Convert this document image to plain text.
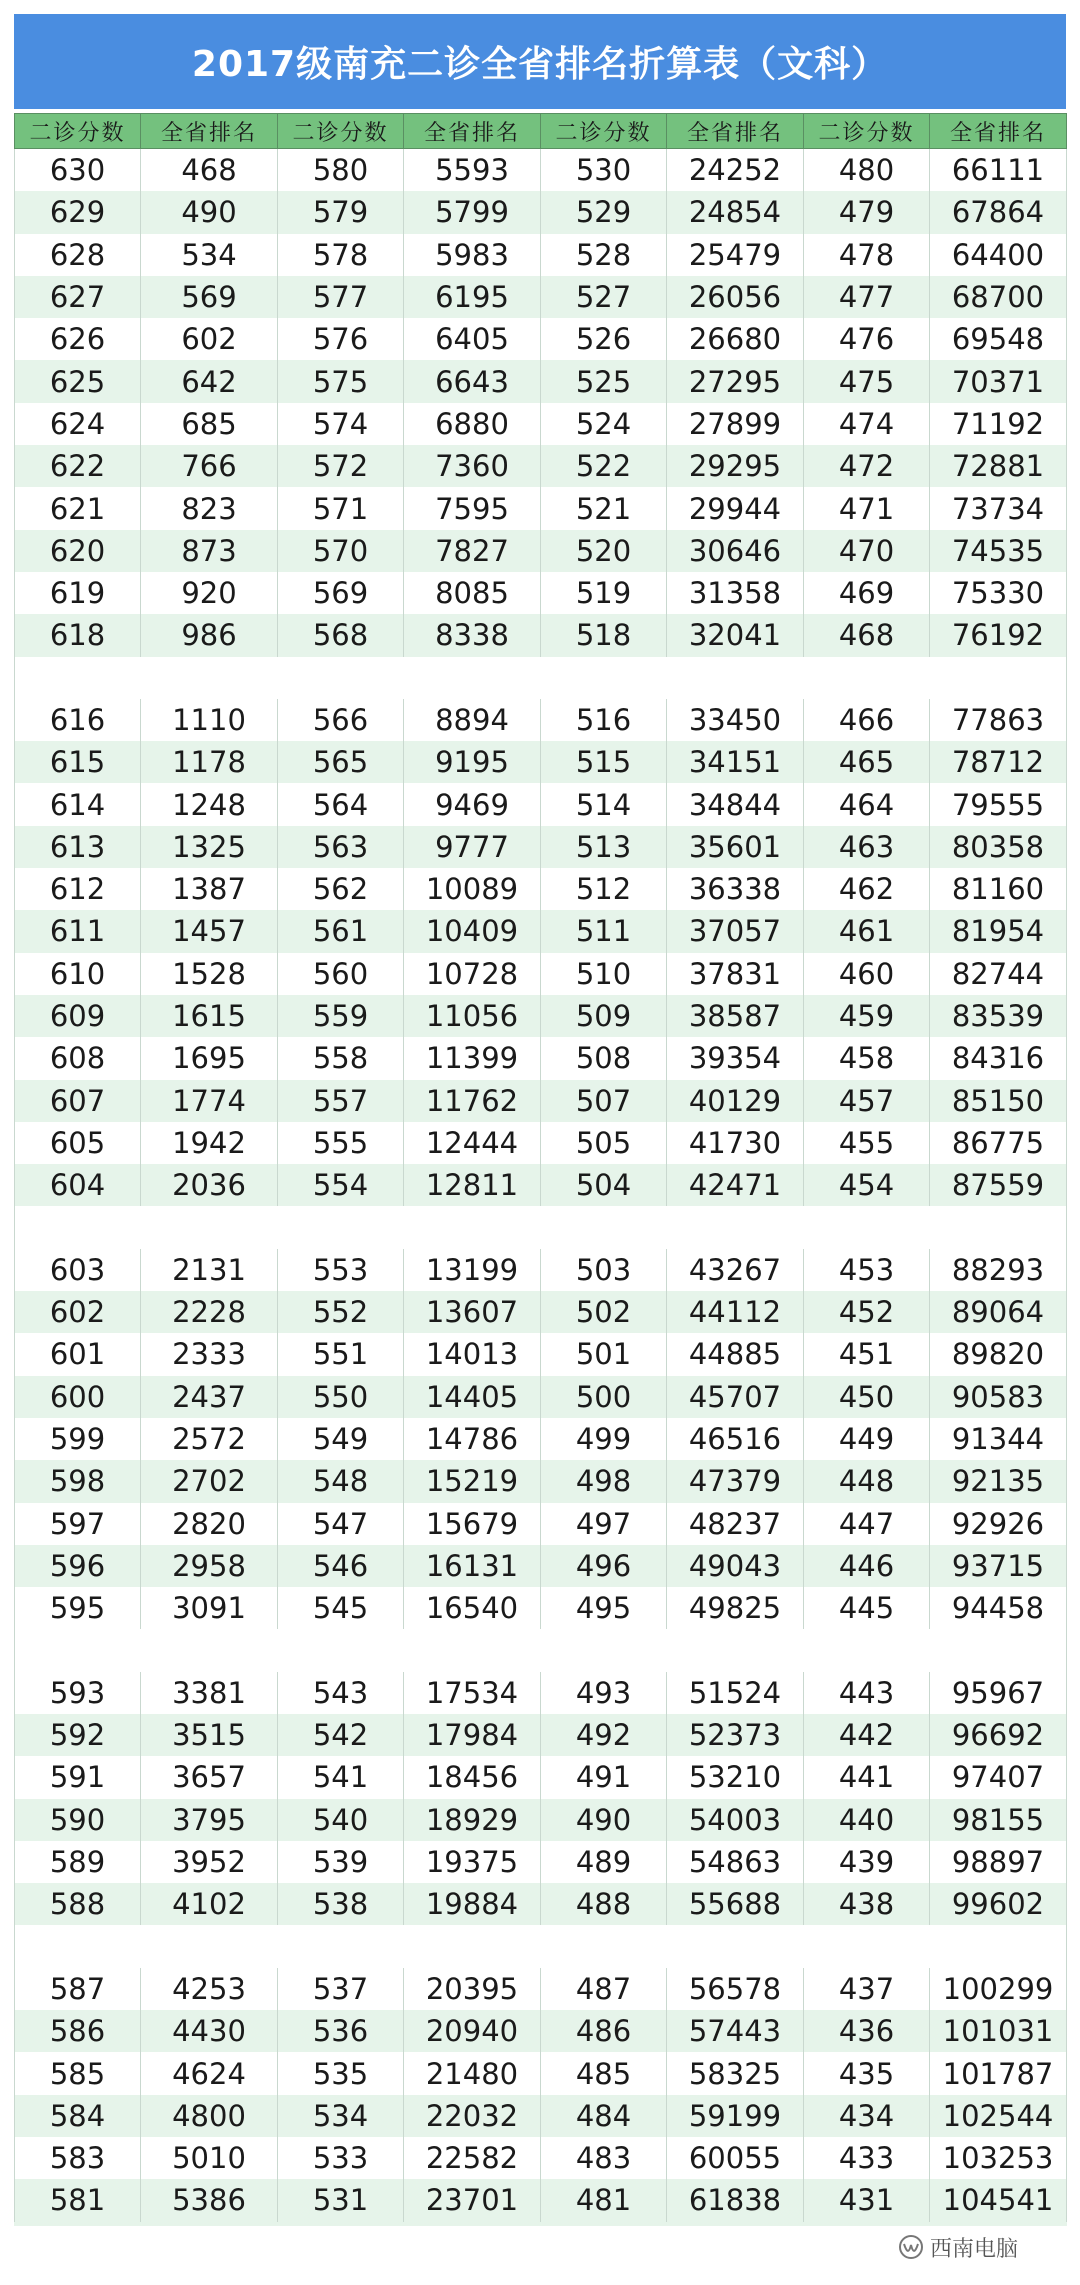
2017级南充二诊全省排名折算表（文科）
二诊分数	全省排名	二诊分数	全省排名	二诊分数	全省排名	二诊分数	全省排名
630	468	580	5593	530	24252	480	66111
629	490	579	5799	529	24854	479	67864
628	534	578	5983	528	25479	478	64400
627	569	577	6195	527	26056	477	68700
626	602	576	6405	526	26680	476	69548
625	642	575	6643	525	27295	475	70371
624	685	574	6880	524	27899	474	71192
622	766	572	7360	522	29295	472	72881
621	823	571	7595	521	29944	471	73734
620	873	570	7827	520	30646	470	74535
619	920	569	8085	519	31358	469	75330
618	986	568	8338	518	32041	468	76192

616	1110	566	8894	516	33450	466	77863
615	1178	565	9195	515	34151	465	78712
614	1248	564	9469	514	34844	464	79555
613	1325	563	9777	513	35601	463	80358
612	1387	562	10089	512	36338	462	81160
611	1457	561	10409	511	37057	461	81954
610	1528	560	10728	510	37831	460	82744
609	1615	559	11056	509	38587	459	83539
608	1695	558	11399	508	39354	458	84316
607	1774	557	11762	507	40129	457	85150
605	1942	555	12444	505	41730	455	86775
604	2036	554	12811	504	42471	454	87559

603	2131	553	13199	503	43267	453	88293
602	2228	552	13607	502	44112	452	89064
601	2333	551	14013	501	44885	451	89820
600	2437	550	14405	500	45707	450	90583
599	2572	549	14786	499	46516	449	91344
598	2702	548	15219	498	47379	448	92135
597	2820	547	15679	497	48237	447	92926
596	2958	546	16131	496	49043	446	93715
595	3091	545	16540	495	49825	445	94458

593	3381	543	17534	493	51524	443	95967
592	3515	542	17984	492	52373	442	96692
591	3657	541	18456	491	53210	441	97407
590	3795	540	18929	490	54003	440	98155
589	3952	539	19375	489	54863	439	98897
588	4102	538	19884	488	55688	438	99602

587	4253	537	20395	487	56578	437	100299
586	4430	536	20940	486	57443	436	101031
585	4624	535	21480	485	58325	435	101787
584	4800	534	22032	484	59199	434	102544
583	5010	533	22582	483	60055	433	103253
581	5386	531	23701	481	61838	431	104541
西南电脑
